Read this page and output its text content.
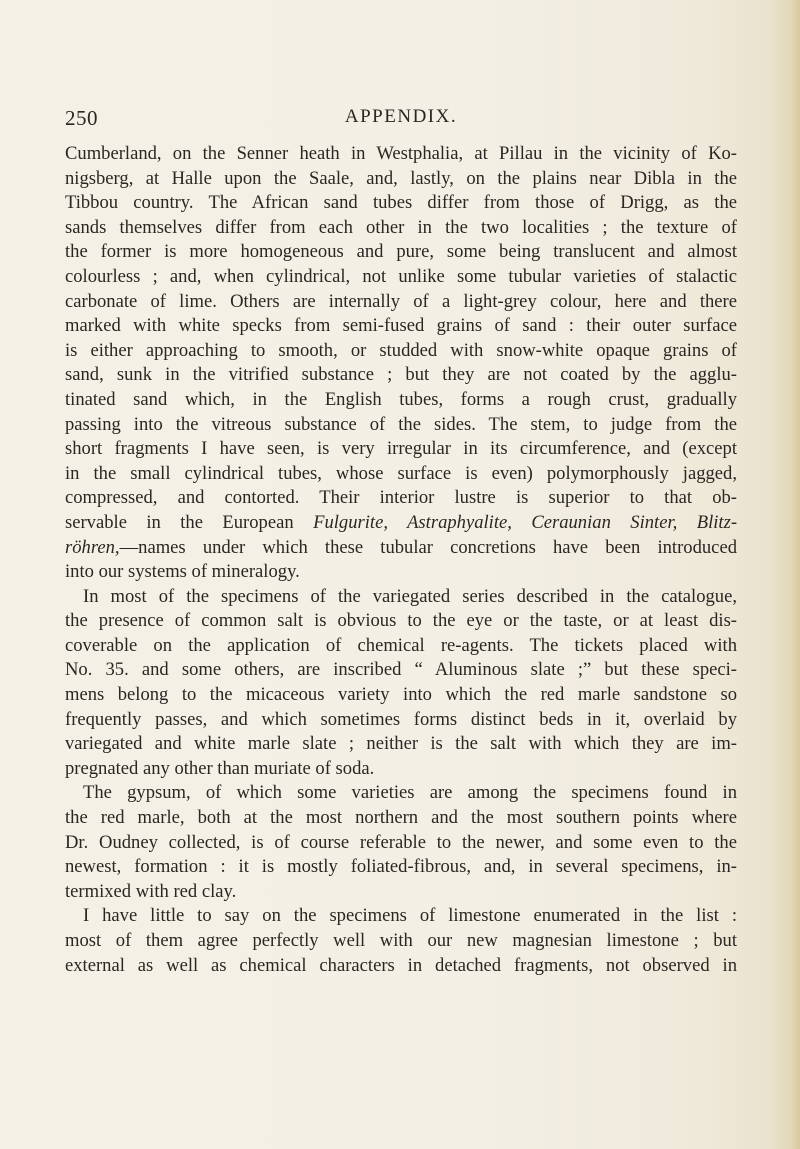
250	APPENDIX.
Cumberland, on the Senner heath in Westphalia, at Pillau in the vicinity of Ko-
nigsberg, at Halle upon the Saale, and, lastly, on the plains near Dibla in the
Tibbou country. The African sand tubes differ from those of Drigg, as the
sands themselves differ from each other in the two localities ; the texture of
the former is more homogeneous and pure, some being translucent and almost
colourless ; and, when cylindrical, not unlike some tubular varieties of stalactic
carbonate of lime. Others are internally of a light-grey colour, here and there
marked with white specks from semi-fused grains of sand : their outer surface
is either approaching to smooth, or studded with snow-white opaque grains of
sand, sunk in the vitrified substance ; but they are not coated by the agglu-
tinated sand which, in the English tubes, forms a rough crust, gradually
passing into the vitreous substance of the sides. The stem, to judge from the
short fragments I have seen, is very irregular in its circumference, and (except
in the small cylindrical tubes, whose surface is even) polymorphously jagged,
compressed, and contorted. Their interior lustre is superior to that ob-
servable in the European Fulgurite, Astraphyalite, Ceraunian Sinter, Blitz-
röhren,—names under which these tubular concretions have been introduced
into our systems of mineralogy.
In most of the specimens of the variegated series described in the catalogue,
the presence of common salt is obvious to the eye or the taste, or at least dis-
coverable on the application of chemical re-agents. The tickets placed with
No. 35. and some others, are inscribed “ Aluminous slate ;” but these speci-
mens belong to the micaceous variety into which the red marle sandstone so
frequently passes, and which sometimes forms distinct beds in it, overlaid by
variegated and white marle slate ; neither is the salt with which they are im-
pregnated any other than muriate of soda.
The gypsum, of which some varieties are among the specimens found in
the red marle, both at the most northern and the most southern points where
Dr. Oudney collected, is of course referable to the newer, and some even to the
newest, formation : it is mostly foliated-fibrous, and, in several specimens, in-
termixed with red clay.
I have little to say on the specimens of limestone enumerated in the list :
most of them agree perfectly well with our new magnesian limestone ; but
external as well as chemical characters in detached fragments, not observed in
